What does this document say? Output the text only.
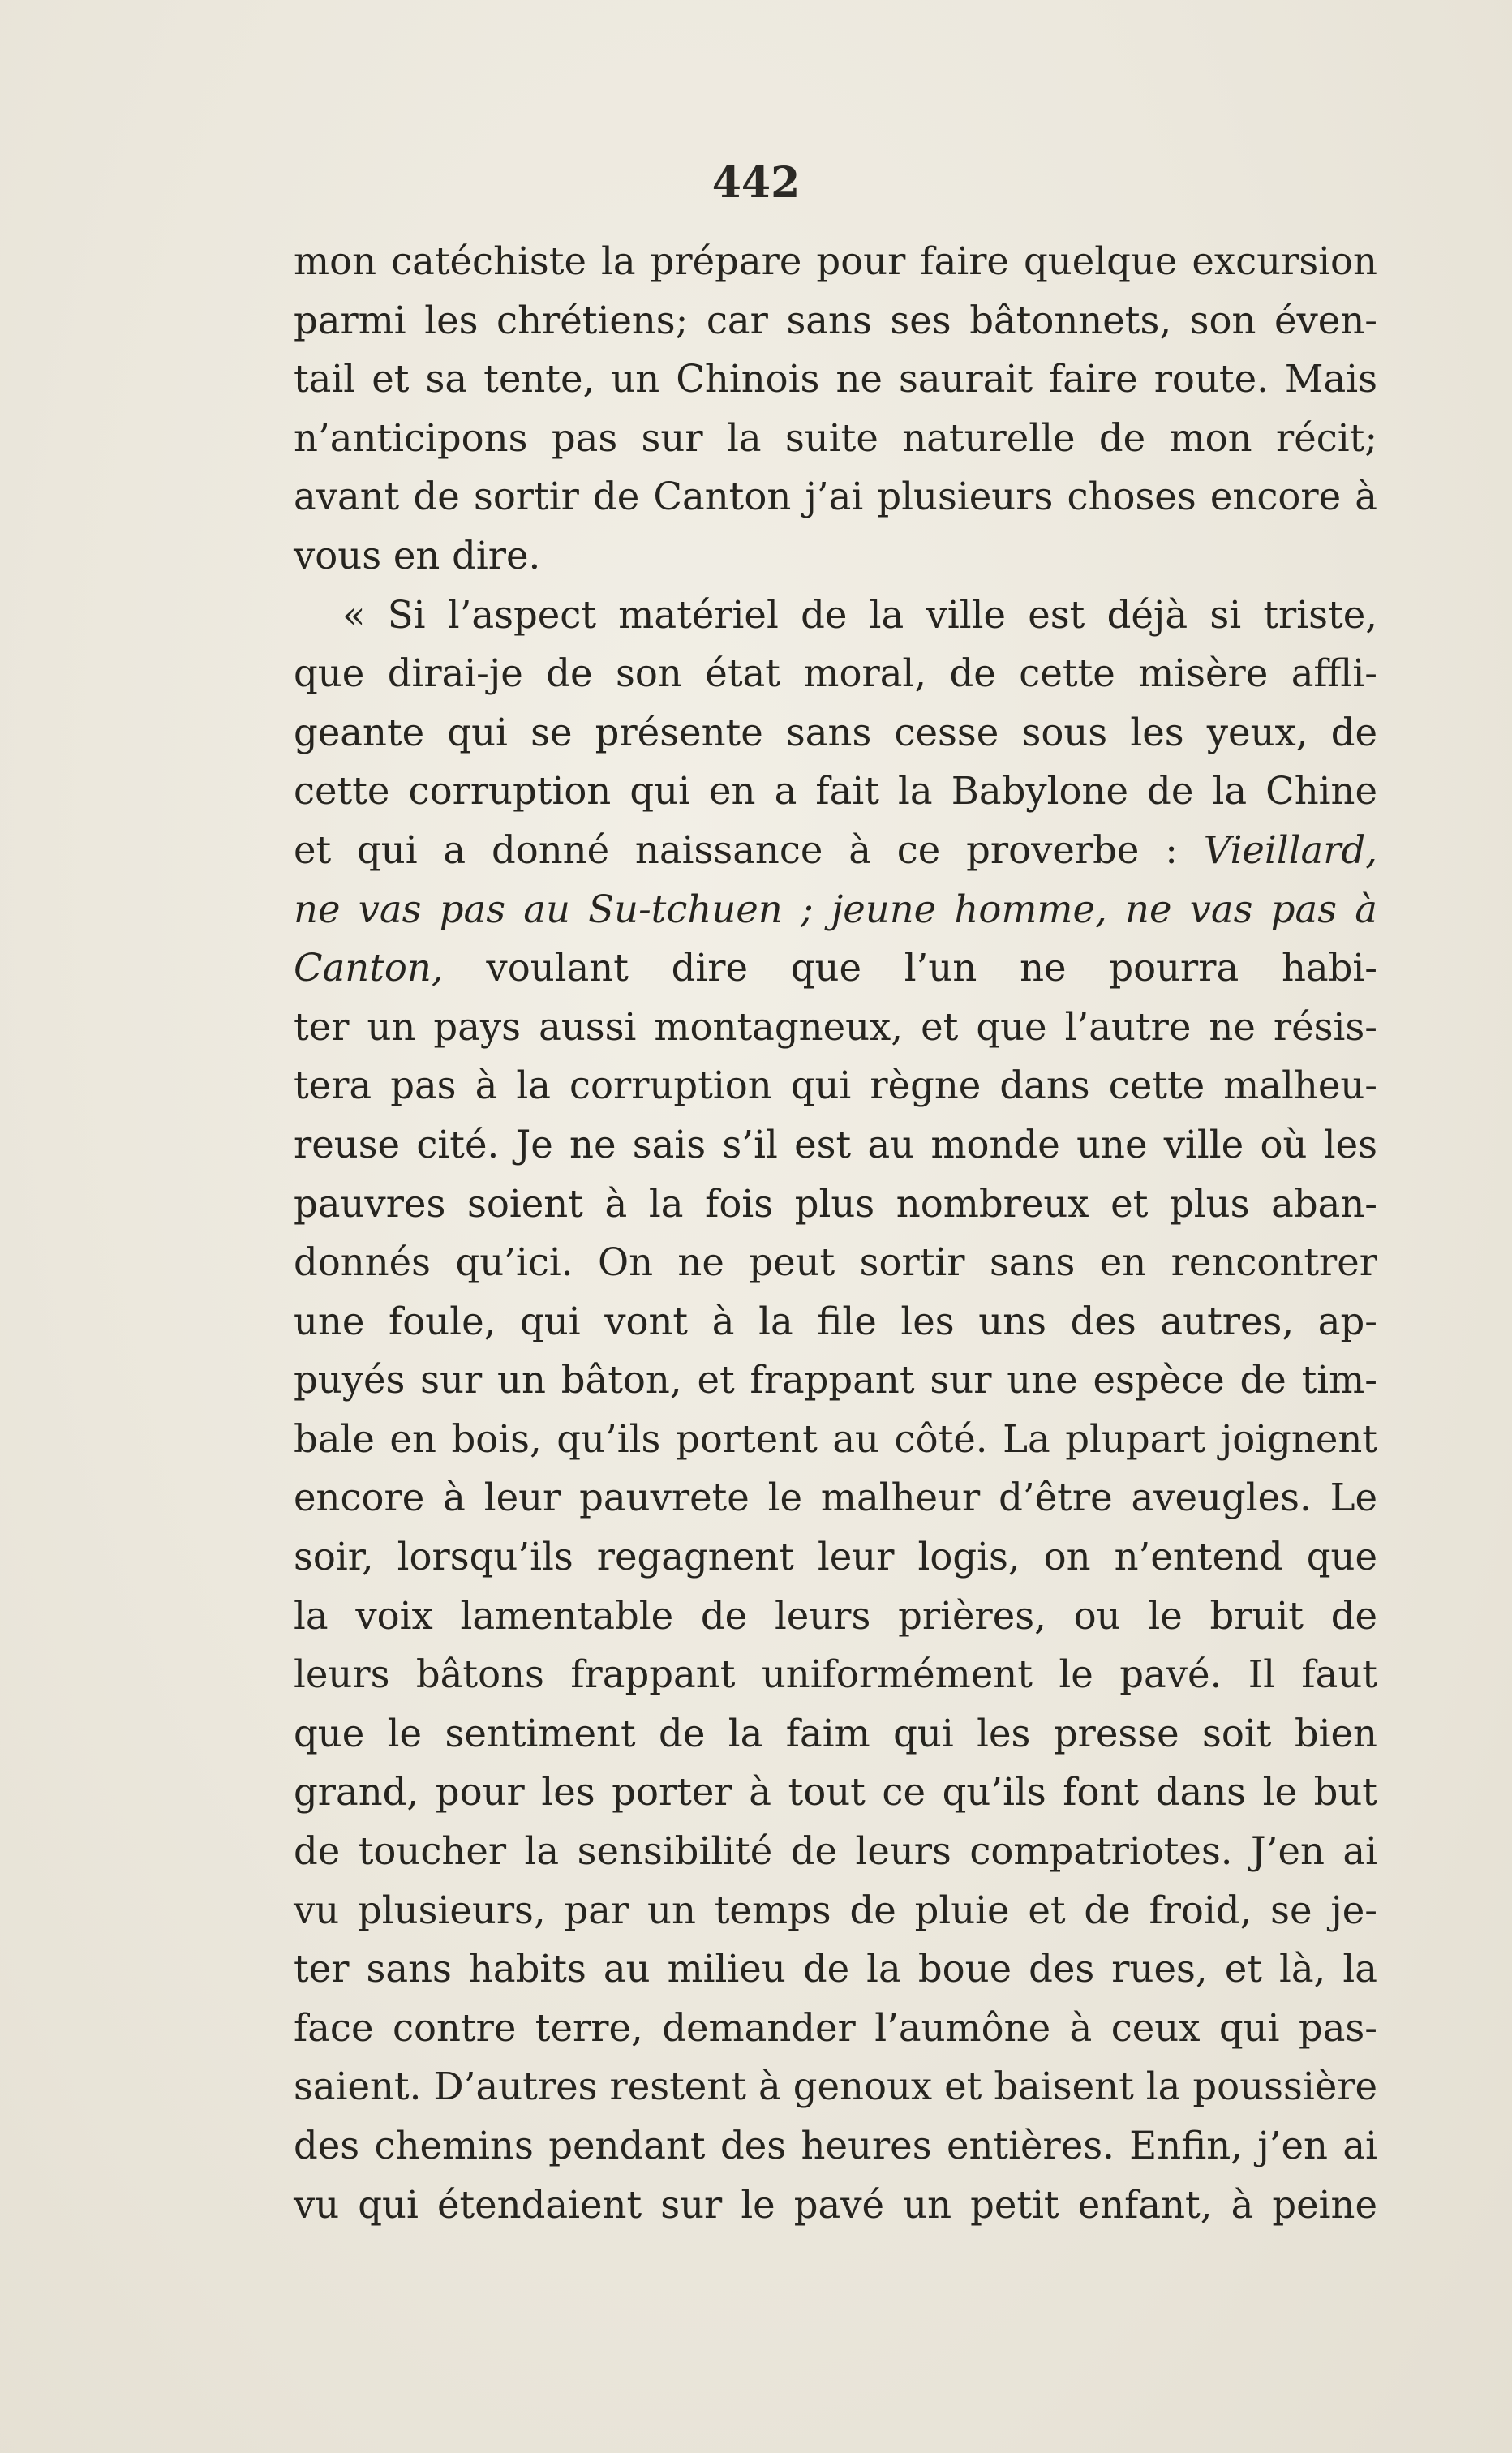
442
mon catéchiste la prépare pour faire quelque excursion
parmi les chrétiens; car sans ses bâtonnets, son éven-
tail et sa tente, un Chinois ne saurait faire route. Mais
n’anticipons pas sur la suite naturelle de mon récit;
avant de sortir de Canton j’ai plusieurs choses encore à
vous en dire.
« Si l’aspect matériel de la ville est déjà si triste,
que dirai-je de son état moral, de cette misère affli-
geante qui se présente sans cesse sous les yeux, de
cette corruption qui en a fait la Babylone de la Chine
et qui a donné naissance à ce proverbe : Vieillard,
ne vas pas au Su-tchuen ; jeune homme, ne vas pas à
Canton, voulant dire que l’un ne pourra habi-
ter un pays aussi montagneux, et que l’autre ne résis-
tera pas à la corruption qui règne dans cette malheu-
reuse cité. Je ne sais s’il est au monde une ville où les
pauvres soient à la fois plus nombreux et plus aban-
donnés qu’ici. On ne peut sortir sans en rencontrer
une foule, qui vont à la file les uns des autres, ap-
puyés sur un bâton, et frappant sur une espèce de tim-
bale en bois, qu’ils portent au côté. La plupart joignent
encore à leur pauvrete le malheur d’être aveugles. Le
soir, lorsqu’ils regagnent leur logis, on n’entend que
la voix lamentable de leurs prières, ou le bruit de
leurs bâtons frappant uniformément le pavé. Il faut
que le sentiment de la faim qui les presse soit bien
grand, pour les porter à tout ce qu’ils font dans le but
de toucher la sensibilité de leurs compatriotes. J’en ai
vu plusieurs, par un temps de pluie et de froid, se je-
ter sans habits au milieu de la boue des rues, et là, la
face contre terre, demander l’aumône à ceux qui pas-
saient. D’autres restent à genoux et baisent la poussière
des chemins pendant des heures entières. Enfin, j’en ai
vu qui étendaient sur le pavé un petit enfant, à peine
